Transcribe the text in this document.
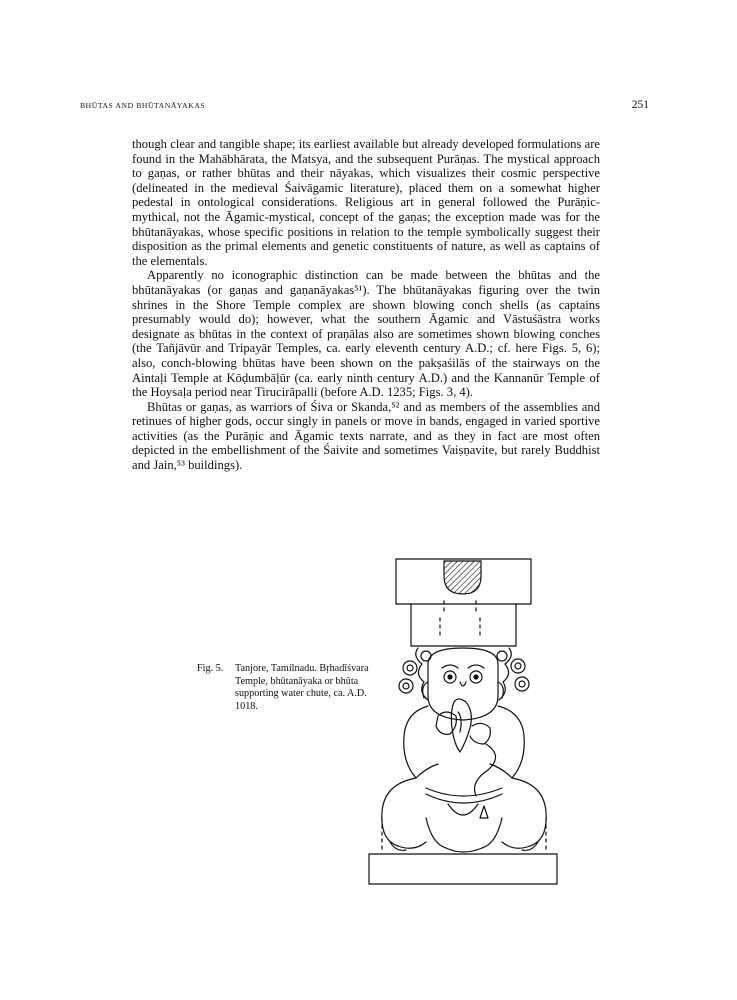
BHŪTAS AND BHŪTANĀYAKAS	251

though clear and tangible shape; its earliest available but already developed formulations are found in the Mahābhārata, the Matsya, and the subsequent Purāṇas. The mystical approach to gaṇas, or rather bhūtas and their nāyakas, which visualizes their cosmic perspective (delineated in the medieval Śaivāgamic literature), placed them on a somewhat higher pedestal in ontological considerations. Religious art in general followed the Purāṇic-mythical, not the Āgamic-mystical, concept of the gaṇas; the exception made was for the bhūtanāyakas, whose specific positions in relation to the temple symbolically suggest their disposition as the primal elements and genetic constituents of nature, as well as captains of the elementals.

Apparently no iconographic distinction can be made between the bhūtas and the bhūtanāyakas (or gaṇas and gaṇanāyakas⁵¹). The bhūtanāyakas figuring over the twin shrines in the Shore Temple complex are shown blowing conch shells (as captains presumably would do); however, what the southern Āgamic and Vāstuśāstra works designate as bhūtas in the context of praṇālas also are sometimes shown blowing conches (the Tañjāvūr and Tripayār Temples, ca. early eleventh century A.D.; cf. here Figs. 5, 6); also, conch-blowing bhūtas have been shown on the pakṣaśilās of the stairways on the Aintaḷi Temple at Kōḍumbāḷūr (ca. early ninth century A.D.) and the Kannanūr Temple of the Hoysaḷa period near Tirucirāpalli (before A.D. 1235; Figs. 3, 4).

Bhūtas or gaṇas, as warriors of Śiva or Skanda,⁵² and as members of the assemblies and retinues of higher gods, occur singly in panels or move in bands, engaged in varied sportive activities (as the Purāṇic and Āgamic texts narrate, and as they in fact are most often depicted in the embellishment of the Śaivite and sometimes Vaiṣṇavite, but rarely Buddhist and Jain,⁵³ buildings).

Fig. 5. Tanjore, Tamilnadu. Bṛhadīśvara Temple, bhūtanāyaka or bhūta supporting water chute, ca. A.D. 1018.
